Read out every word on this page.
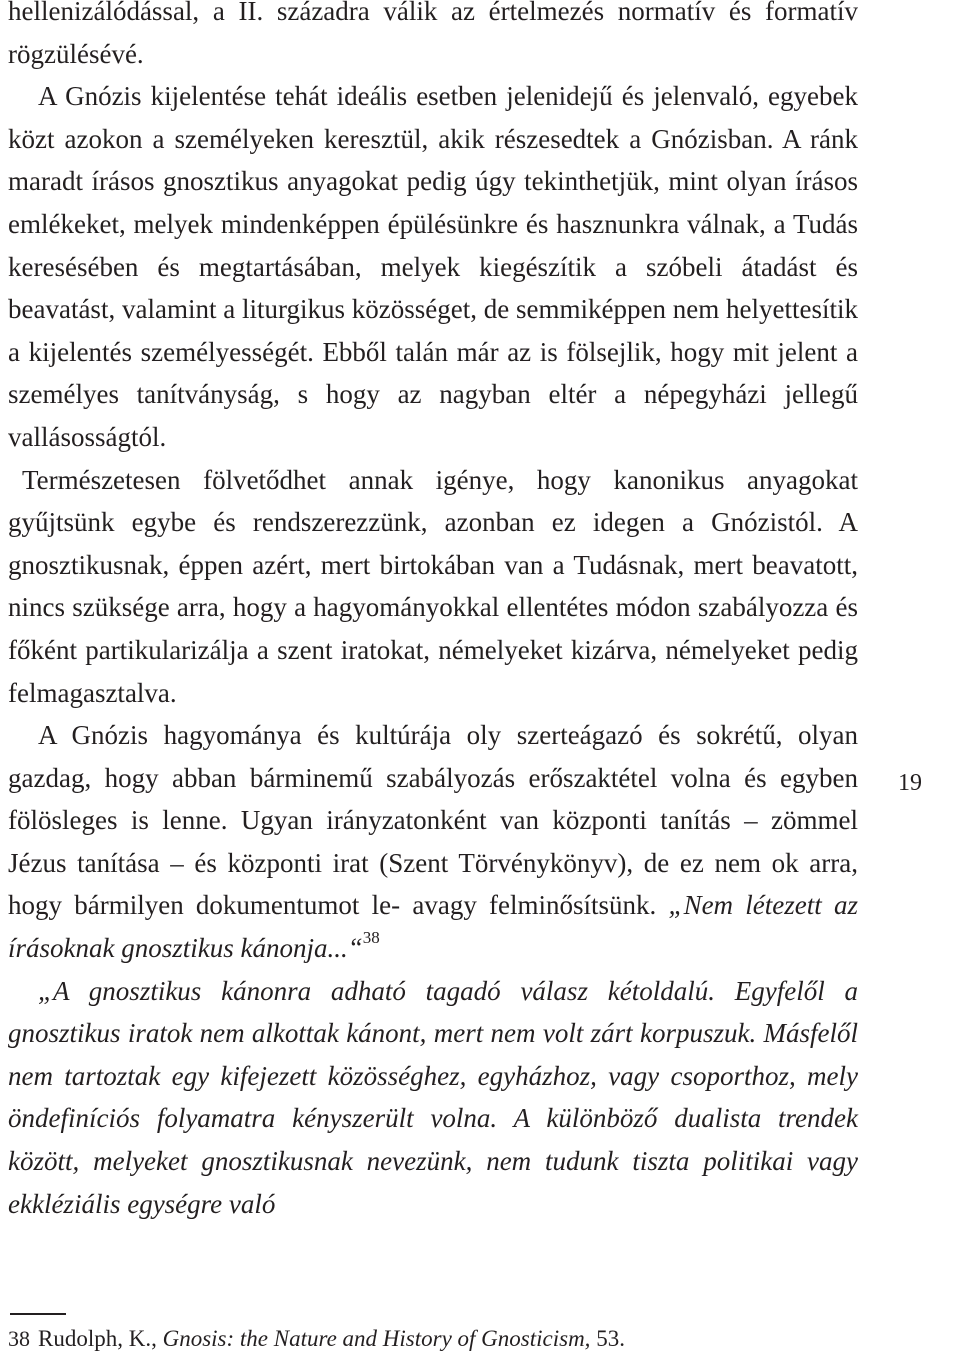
hellenizálódással, a II. századra válik az értelmezés normatív és formatív rögzülésévé.

A Gnózis kijelentése tehát ideális esetben jelenidejű és jelenvaló, egyebek közt azokon a személyeken keresztül, akik részesedtek a Gnózisban. A ránk maradt írásos gnosztikus anyagokat pedig úgy tekinthetjük, mint olyan írásos emlékeket, melyek mindenképpen épülésünkre és hasznunkra válnak, a Tudás keresésében és megtartásában, melyek kiegészítik a szóbeli átadást és beavatást, valamint a liturgikus közösséget, de semmiképpen nem helyettesítik a kijelentés személyességét. Ebből talán már az is fölsejlik, hogy mit jelent a személyes tanítványság, s hogy az nagyban eltér a népegyházi jellegű vallásosságtól.

Természetesen fölvetődhet annak igénye, hogy kanonikus anyagokat gyűjtsünk egybe és rendszerezzünk, azonban ez idegen a Gnózistól. A gnosztikusnak, éppen azért, mert birtokában van a Tudásnak, mert beavatott, nincs szüksége arra, hogy a hagyományokkal ellentétes módon szabályozza és főként partikularizálja a szent iratokat, némelyeket kizárva, némelyeket pedig felmagasztalva.

A Gnózis hagyománya és kultúrája oly szerteágazó és sokrétű, olyan gazdag, hogy abban bárminemű szabályozás erőszaktétel volna és egyben fölösleges is lenne. Ugyan irányzatonként van központi tanítás – zömmel Jézus tanítása – és központi irat (Szent Törvénykönyv), de ez nem ok arra, hogy bármilyen dokumentumot le- avagy felminősítsünk. „Nem létezett az írásoknak gnosztikus kánonja...“$^{38}$

„A gnosztikus kánonra adható tagadó válasz kétoldalú. Egyfelől a gnosztikus iratok nem alkottak kánont, mert nem volt zárt korpuszuk. Másfelől nem tartoztak egy kifejezett közösséghez, egyházhoz, vagy csoporthoz, mely öndefiníciós folyamatra kényszerült volna. A különböző dualista trendek között, melyeket gnosztikusnak nevezünk, nem tudunk tiszta politikai vagy ekkléziális egységre való

19
38 Rudolph, K., Gnosis: the Nature and History of Gnosticism, 53.
